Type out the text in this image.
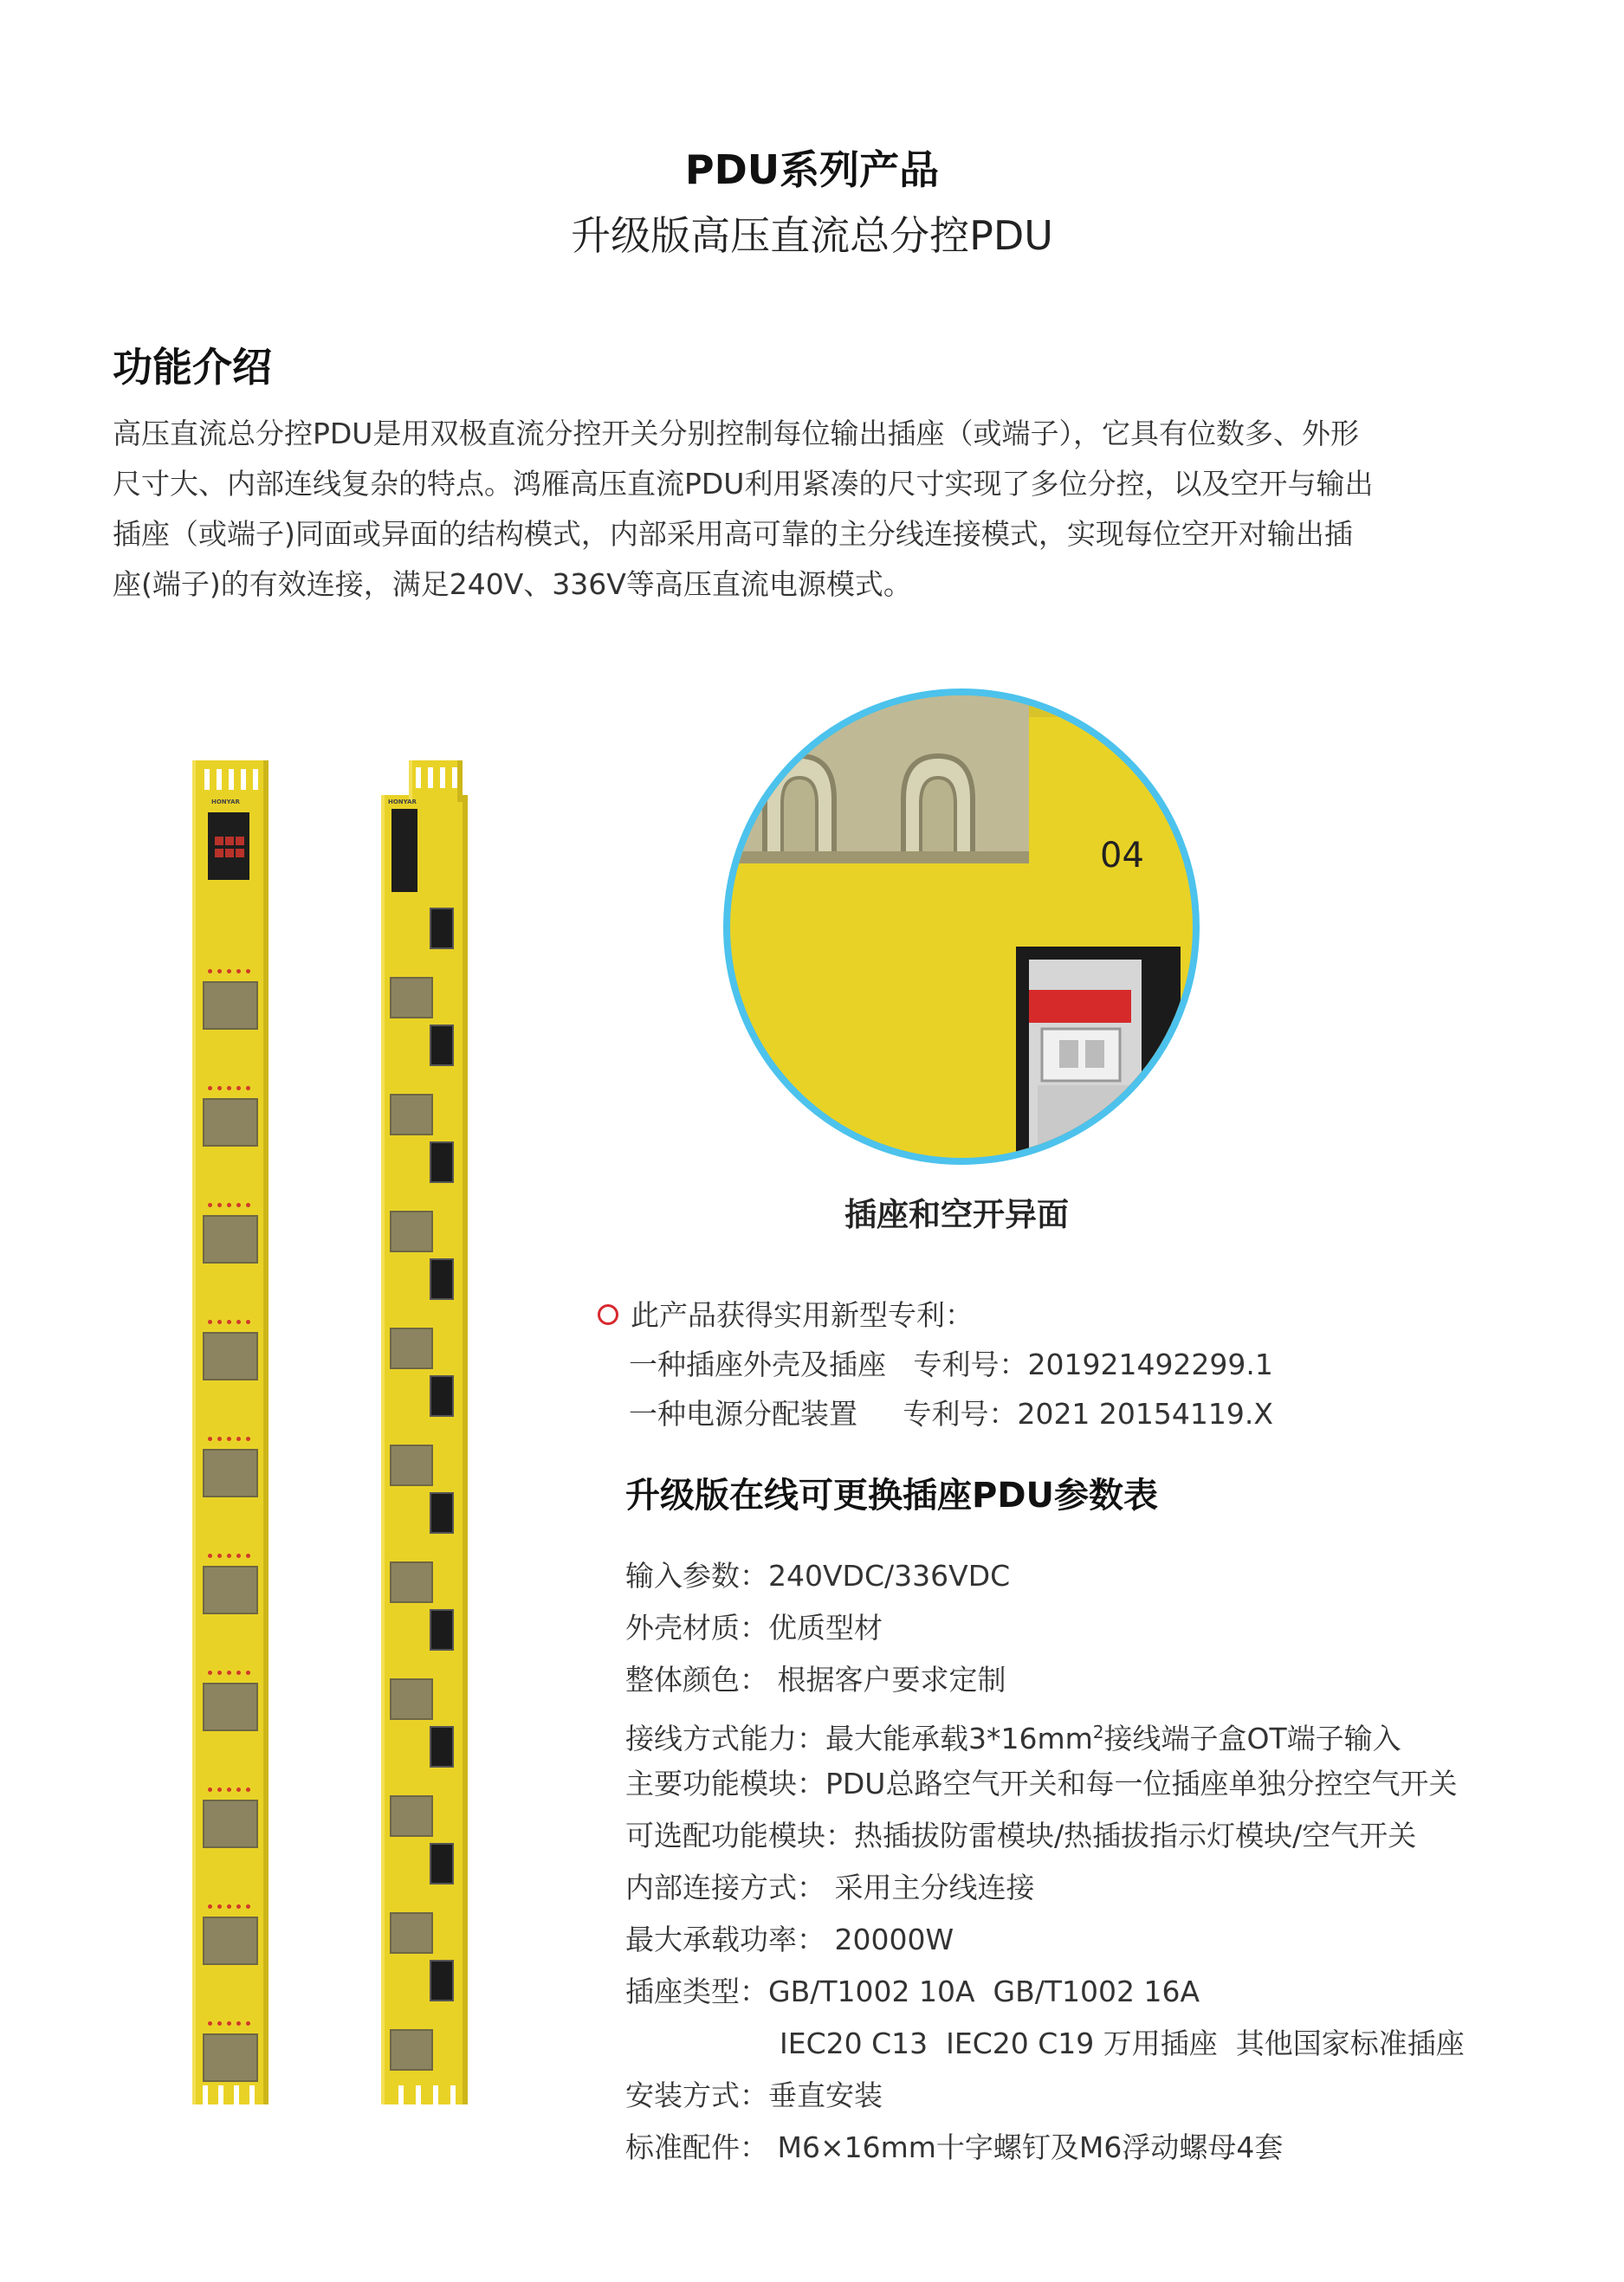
PDU系列产品
升级版高压直流总分控PDU
功能介绍

高压直流总分控PDU是用双极直流分控开关分别控制每位输出插座（或端子），它具有位数多、外形

尺寸大、内部连线复杂的特点。鸿雁高压直流PDU利用紧凑的尺寸实现了多位分控，以及空开与输出

插座（或端子)同面或异面的结构模式，内部采用高可靠的主分线连接模式，实现每位空开对输出插

座(端子)的有效连接，满足240V、336V等高压直流电源模式。

HONYAR	HONYAR
04
插座和空开异面
此产品获得实用新型专利：
一种插座外壳及插座   专利号：201921492299.1
一种电源分配装置     专利号：2021 20154119.X
升级版在线可更换插座PDU参数表
输入参数：240VDC/336VDC
外壳材质：优质型材
整体颜色： 根据客户要求定制
接线方式能力：最大能承载$3*16mm^2$接线端子盒OT端子输入
主要功能模块：PDU总路空气开关和每一位插座单独分控空气开关
可选配功能模块：热插拔防雷模块/热插拔指示灯模块/空气开关
内部连接方式： 采用主分线连接
最大承载功率： 20000W
插座类型：GB/T1002 10A  GB/T1002 16A
IEC20 C13  IEC20 C19 万用插座  其他国家标准插座
安装方式：垂直安装
标准配件： M6×16mm十字螺钉及M6浮动螺母4套
